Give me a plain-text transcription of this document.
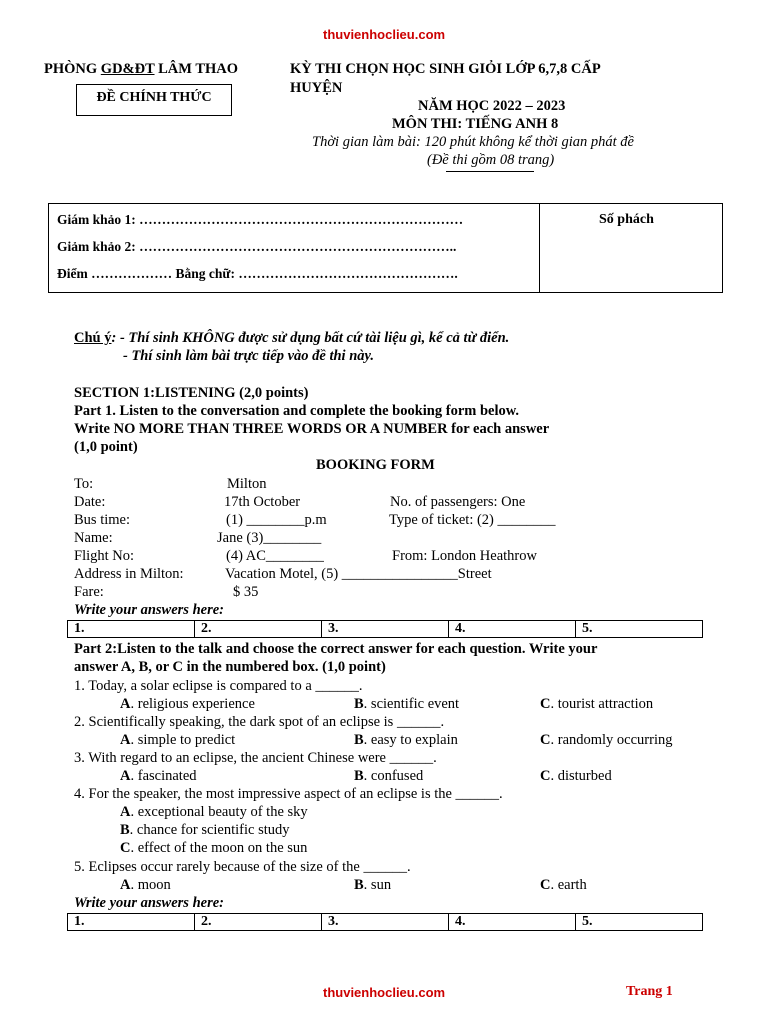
thuvienhoclieu.com
PHÒNG GD&ĐT LÂM THAO
ĐỀ CHÍNH THỨC
KỲ THI CHỌN HỌC SINH GIỎI LỚP 6,7,8 CẤP
HUYỆN
NĂM HỌC 2022 – 2023
MÔN THI: TIẾNG ANH 8
Thời gian làm bài: 120 phút không kể thời gian phát đề
(Đề thi gồm 08 trang)
Giám khảo 1: ………………………………………………………………
Giảm khảo 2: ……………………………………………………………..
Điểm ……………… Bằng chữ: ………………………………………….
Số phách
Chú ý: - Thí sinh KHÔNG được sử dụng bất cứ tài liệu gì, kể cả từ điển.
- Thí sinh làm bài trực tiếp vào đề thi này.
SECTION 1:LISTENING (2,0 points)
Part 1. Listen to the conversation and complete the booking form below.
Write NO MORE THAN THREE WORDS OR A NUMBER for each answer
(1,0 point)
BOOKING FORM
To:	Milton
Date:	17th October	No. of passengers: One
Bus time:	(1) ________p.m	Type of ticket: (2) ________
Name:	Jane (3)________
Flight No:	(4) AC________	From: London Heathrow
Address in Milton:	Vacation Motel, (5) ________________Street
Fare:	$ 35
Write your answers here:
1.	2.	3.	4.	5.
Part 2:Listen to the talk and choose the correct answer for each question. Write your
answer A, B, or C in the numbered box. (1,0 point)
1. Today, a solar eclipse is compared to a ______.
A. religious experience	B. scientific event	C. tourist attraction
2. Scientifically speaking, the dark spot of an eclipse is ______.
A. simple to predict	B. easy to explain	C. randomly occurring
3. With regard to an eclipse, the ancient Chinese were ______.
A. fascinated	B. confused	C. disturbed
4. For the speaker, the most impressive aspect of an eclipse is the ______.
A. exceptional beauty of the sky
B. chance for scientific study
C. effect of the moon on the sun
5. Eclipses occur rarely because of the size of the ______.
A. moon	B. sun	C. earth
Write your answers here:
1.	2.	3.	4.	5.
thuvienhoclieu.com	Trang 1
